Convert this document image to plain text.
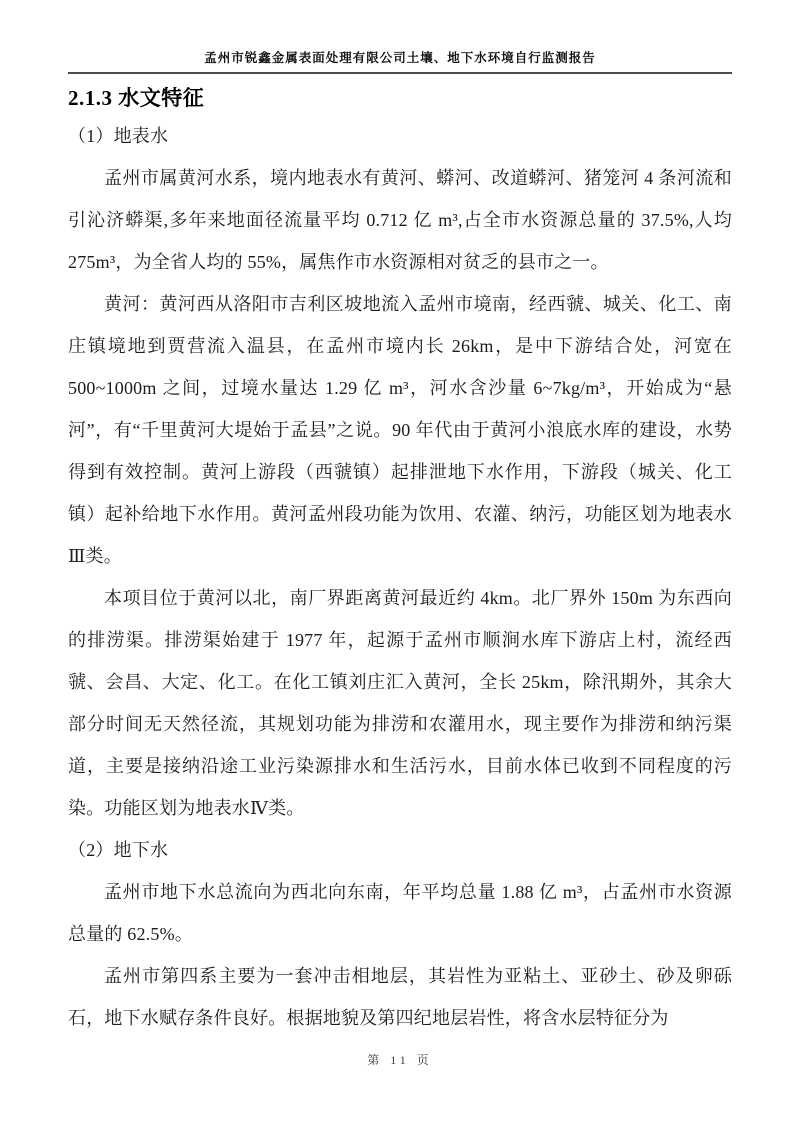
孟州市锐鑫金属表面处理有限公司土壤、地下水环境自行监测报告
2.1.3 水文特征

（1）地表水

孟州市属黄河水系，境内地表水有黄河、蟒河、改道蟒河、猪笼河 4 条河流和引沁济蟒渠,多年来地面径流量平均 0.712 亿 m³,占全市水资源总量的 37.5%,人均 275m³，为全省人均的 55%，属焦作市水资源相对贫乏的县市之一。

黄河：黄河西从洛阳市吉利区坡地流入孟州市境南，经西虢、城关、化工、南庄镇境地到贾营流入温县，在孟州市境内长 26km，是中下游结合处，河宽在 500~1000m 之间，过境水量达 1.29 亿 m³，河水含沙量 6~7kg/m³，开始成为“悬河”，有“千里黄河大堤始于孟县”之说。90 年代由于黄河小浪底水库的建设，水势得到有效控制。黄河上游段（西虢镇）起排泄地下水作用，下游段（城关、化工镇）起补给地下水作用。黄河孟州段功能为饮用、农灌、纳污，功能区划为地表水Ⅲ类。

本项目位于黄河以北，南厂界距离黄河最近约 4km。北厂界外 150m 为东西向的排涝渠。排涝渠始建于 1977 年，起源于孟州市顺涧水库下游店上村，流经西虢、会昌、大定、化工。在化工镇刘庄汇入黄河，全长 25km，除汛期外，其余大部分时间无天然径流，其规划功能为排涝和农灌用水，现主要作为排涝和纳污渠道，主要是接纳沿途工业污染源排水和生活污水，目前水体已收到不同程度的污染。功能区划为地表水Ⅳ类。

（2）地下水

孟州市地下水总流向为西北向东南，年平均总量 1.88 亿 m³，占孟州市水资源总量的 62.5%。

孟州市第四系主要为一套冲击相地层，其岩性为亚粘土、亚砂土、砂及卵砾石，地下水赋存条件良好。根据地貌及第四纪地层岩性，将含水层特征分为

第 11 页
